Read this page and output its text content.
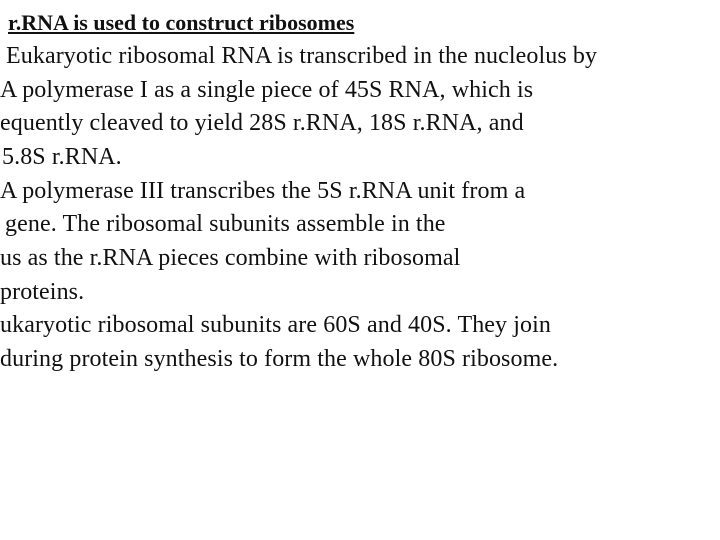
r.RNA is used to construct ribosomes
Eukaryotic ribosomal RNA is transcribed in the nucleolus by
A polymerase I as a single piece of 45S RNA, which is
equently cleaved to yield 28S r.RNA, 18S r.RNA, and
5.8S r.RNA.
A polymerase III transcribes the 5S r.RNA unit from a
gene. The ribosomal subunits assemble in the
us as the r.RNA pieces combine with ribosomal
proteins.
ukaryotic ribosomal subunits are 60S and 40S. They join
during protein synthesis to form the whole 80S ribosome.
